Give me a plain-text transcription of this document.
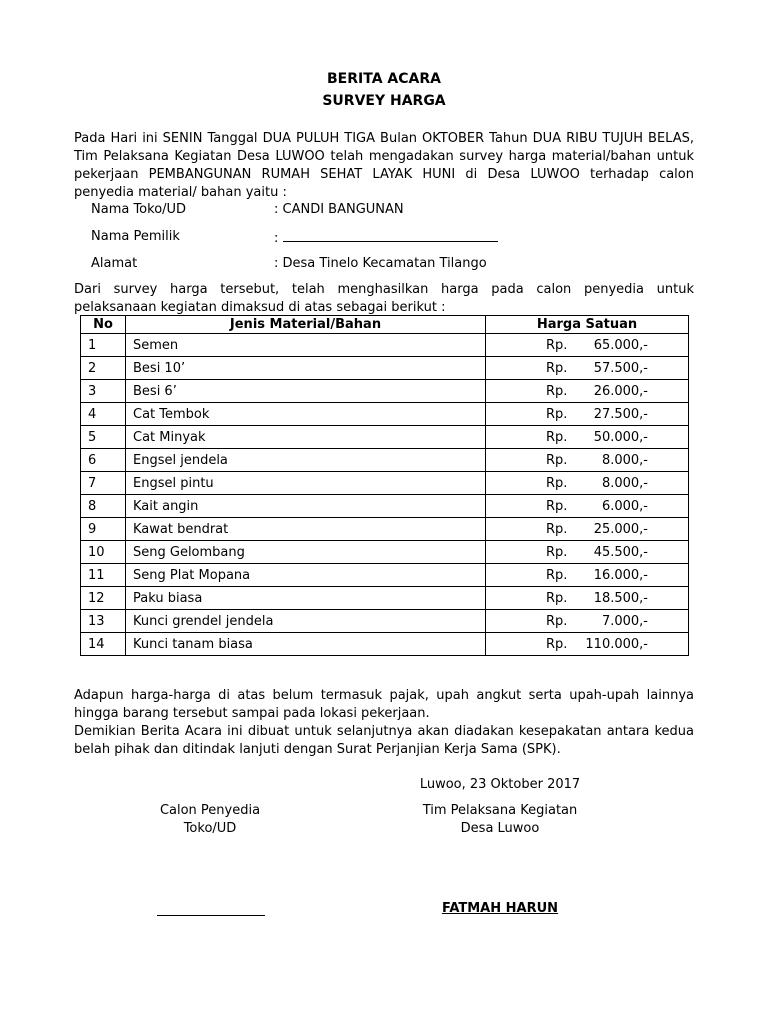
BERITA ACARA
SURVEY HARGA

Pada Hari ini SENIN Tanggal DUA PULUH TIGA Bulan OKTOBER Tahun DUA RIBU TUJUH BELAS, Tim Pelaksana Kegiatan Desa LUWOO telah mengadakan survey harga material/bahan untuk pekerjaan PEMBANGUNAN RUMAH SEHAT LAYAK HUNI di Desa LUWOO terhadap calon penyedia material/ bahan yaitu :

Nama Toko/UD	: CANDI BANGUNAN
Nama Pemilik	:
Alamat	: Desa Tinelo Kecamatan Tilango

Dari survey harga tersebut, telah menghasilkan harga pada calon penyedia untuk pelaksanaan kegiatan dimaksud di atas sebagai berikut :

No	Jenis Material/Bahan	Harga Satuan
1	Semen	Rp. 65.000,-

2	Besi 10’	Rp. 57.500,-

3	Besi 6’	Rp. 26.000,-

4	Cat Tembok	Rp. 27.500,-

5	Cat Minyak	Rp. 50.000,-

6	Engsel jendela	Rp. 8.000,-

7	Engsel pintu	Rp. 8.000,-

8	Kait angin	Rp. 6.000,-

9	Kawat bendrat	Rp. 25.000,-

10	Seng Gelombang	Rp. 45.500,-

11	Seng Plat Mopana	Rp. 16.000,-

12	Paku biasa	Rp. 18.500,-

13	Kunci grendel jendela	Rp. 7.000,-

14	Kunci tanam biasa	Rp. 110.000,-

Adapun harga-harga di atas belum termasuk pajak, upah angkut serta upah-upah lainnya hingga barang tersebut sampai pada lokasi pekerjaan.

Demikian Berita Acara ini dibuat untuk selanjutnya akan diadakan kesepakatan antara kedua belah pihak dan ditindak lanjuti dengan Surat Perjanjian Kerja Sama (SPK).

Luwoo, 23 Oktober 2017
Calon Penyedia
Toko/UD
Tim Pelaksana Kegiatan
Desa Luwoo
FATMAH HARUN
